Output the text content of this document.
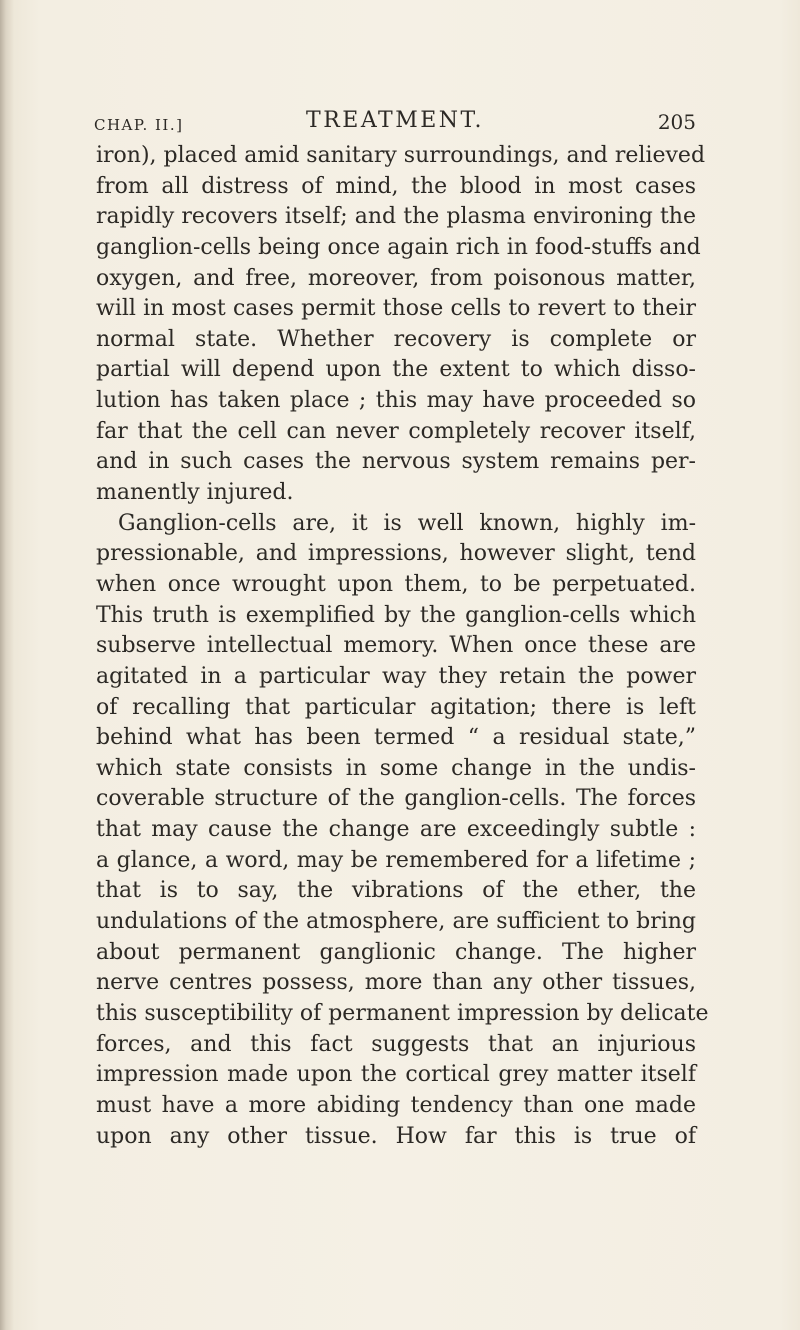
CHAP. II.]	TREATMENT.	205
iron), placed amid sanitary surroundings, and relieved
from all distress of mind, the blood in most cases
rapidly recovers itself; and the plasma environing the
ganglion-cells being once again rich in food-stuffs and
oxygen, and free, moreover, from poisonous matter,
will in most cases permit those cells to revert to their
normal state. Whether recovery is complete or
partial will depend upon the extent to which disso-
lution has taken place ; this may have proceeded so
far that the cell can never completely recover itself,
and in such cases the nervous system remains per-
manently injured.
Ganglion-cells are, it is well known, highly im-
pressionable, and impressions, however slight, tend
when once wrought upon them, to be perpetuated.
This truth is exemplified by the ganglion-cells which
subserve intellectual memory. When once these are
agitated in a particular way they retain the power
of recalling that particular agitation; there is left
behind what has been termed “ a residual state,”
which state consists in some change in the undis-
coverable structure of the ganglion-cells. The forces
that may cause the change are exceedingly subtle :
a glance, a word, may be remembered for a lifetime ;
that is to say, the vibrations of the ether, the
undulations of the atmosphere, are sufficient to bring
about permanent ganglionic change. The higher
nerve centres possess, more than any other tissues,
this susceptibility of permanent impression by delicate
forces, and this fact suggests that an injurious
impression made upon the cortical grey matter itself
must have a more abiding tendency than one made
upon any other tissue. How far this is true of
